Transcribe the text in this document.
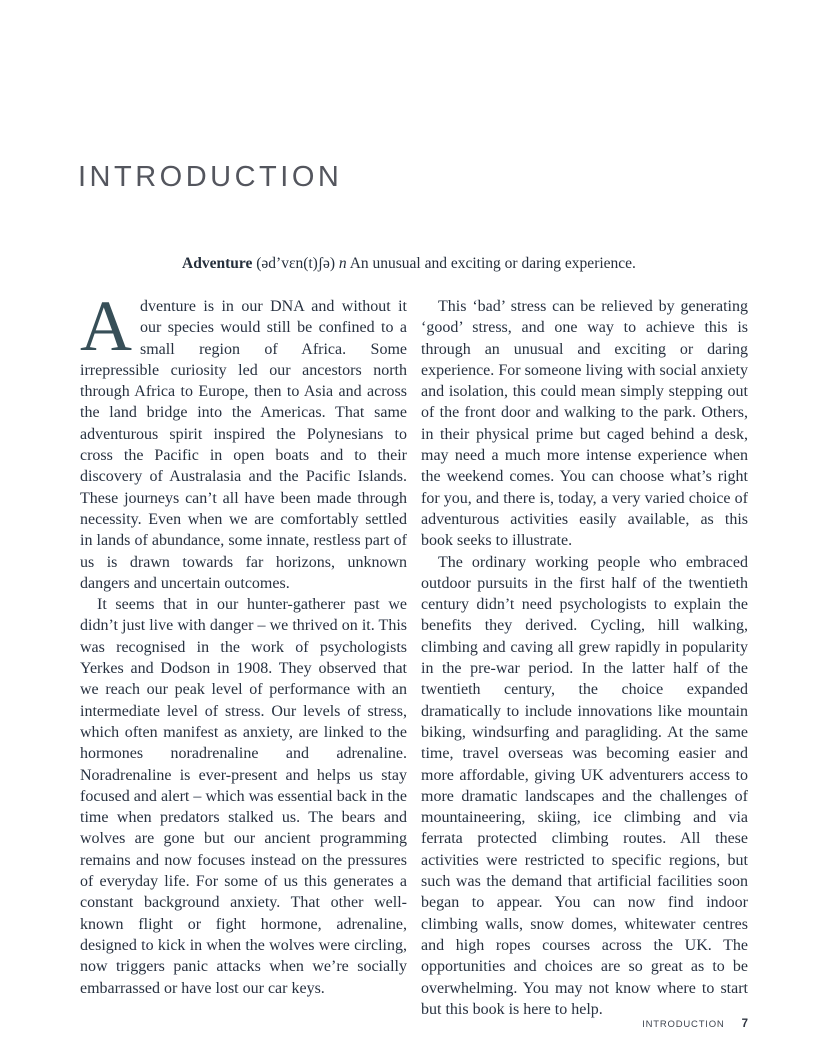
INTRODUCTION

Adventure (əd’vɛn(t)ʃə) n An unusual and exciting or daring experience.

Adventure is in our DNA and without it our species would still be confined to a small region of Africa. Some irrepressible curiosity led our ancestors north through Africa to Europe, then to Asia and across the land bridge into the Americas. That same adventurous spirit inspired the Polynesians to cross the Pacific in open boats and to their discovery of Australasia and the Pacific Islands. These journeys can’t all have been made through necessity. Even when we are comfortably settled in lands of abundance, some innate, restless part of us is drawn towards far horizons, unknown dangers and uncertain outcomes.

It seems that in our hunter-gatherer past we didn’t just live with danger – we thrived on it. This was recognised in the work of psychologists Yerkes and Dodson in 1908. They observed that we reach our peak level of performance with an intermediate level of stress. Our levels of stress, which often manifest as anxiety, are linked to the hormones noradrenaline and adrenaline. Noradrenaline is ever-present and helps us stay focused and alert – which was essential back in the time when predators stalked us. The bears and wolves are gone but our ancient programming remains and now focuses instead on the pressures of everyday life. For some of us this generates a constant background anxiety. That other well-known flight or fight hormone, adrenaline, designed to kick in when the wolves were circling, now triggers panic attacks when we’re socially embarrassed or have lost our car keys.

This ‘bad’ stress can be relieved by generating ‘good’ stress, and one way to achieve this is through an unusual and exciting or daring experience. For someone living with social anxiety and isolation, this could mean simply stepping out of the front door and walking to the park. Others, in their physical prime but caged behind a desk, may need a much more intense experience when the weekend comes. You can choose what’s right for you, and there is, today, a very varied choice of adventurous activities easily available, as this book seeks to illustrate.

The ordinary working people who embraced outdoor pursuits in the first half of the twentieth century didn’t need psychologists to explain the benefits they derived. Cycling, hill walking, climbing and caving all grew rapidly in popularity in the pre-war period. In the latter half of the twentieth century, the choice expanded dramatically to include innovations like mountain biking, windsurfing and paragliding. At the same time, travel overseas was becoming easier and more affordable, giving UK adventurers access to more dramatic landscapes and the challenges of mountaineering, skiing, ice climbing and via ferrata protected climbing routes. All these activities were restricted to specific regions, but such was the demand that artificial facilities soon began to appear. You can now find indoor climbing walls, snow domes, whitewater centres and high ropes courses across the UK. The opportunities and choices are so great as to be overwhelming. You may not know where to start but this book is here to help.

INTRODUCTION 7
